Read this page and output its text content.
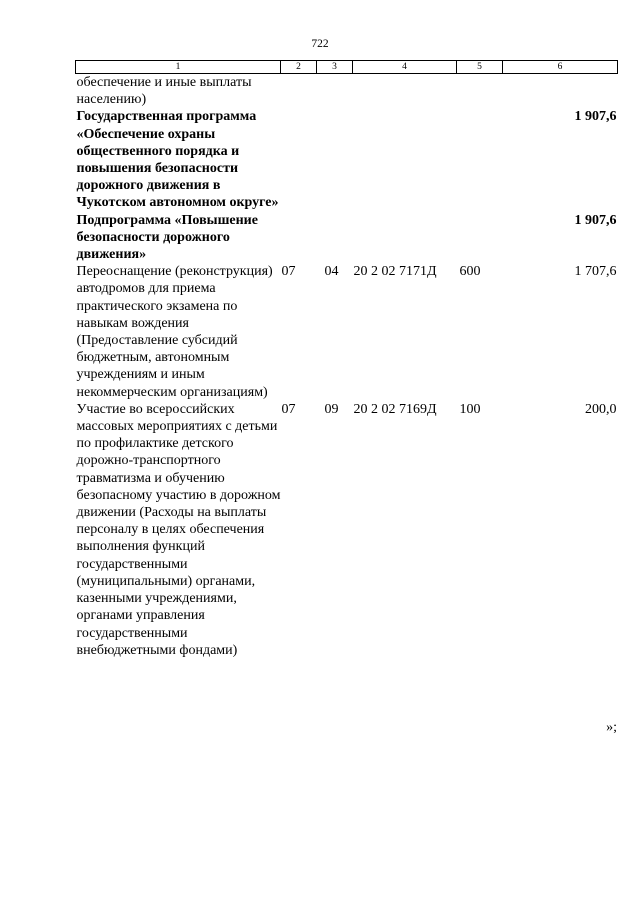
722
1	2	3	4	5	6
обеспечение и иные выплаты населению)					
Государственная программа «Обеспечение охраны общественного порядка и повышения безопасности дорожного движения в Чукотском автономном округе»					1 907,6
Подпрограмма «Повышение безопасности дорожного движения»					1 907,6
Переоснащение (реконструкция) автодромов для приема практического экзамена по навыкам вождения (Предоставление субсидий бюджетным, автономным учреждениям и иным некоммерческим организациям)	07	04	20 2 02 7171Д	600	1 707,6
Участие во всероссийских массовых мероприятиях с детьми по профилактике детского дорожно-транспортного травматизма и обучению безопасному участию в дорожном движении (Расходы на выплаты персоналу в целях обеспечения выполнения функций государственными (муниципальными) органами, казенными учреждениями, органами управления государственными внебюджетными фондами)	07	09	20 2 02 7169Д	100	200,0
»;
